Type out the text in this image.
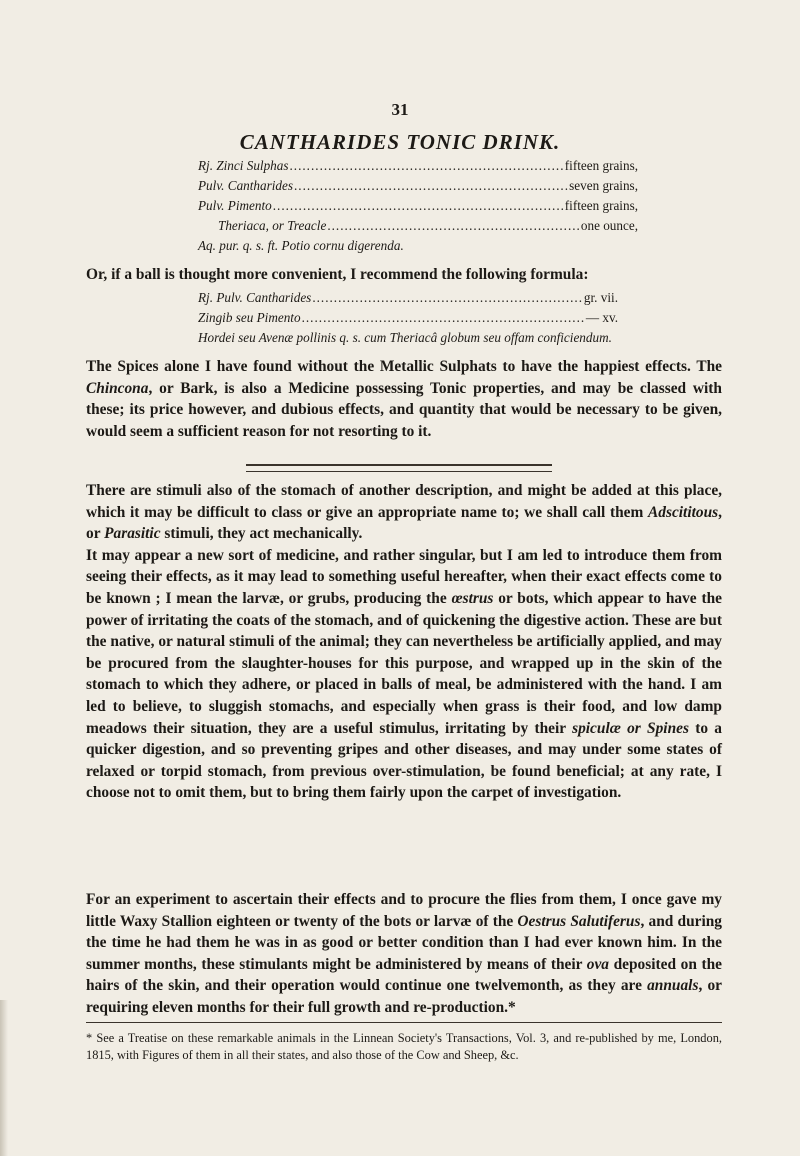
31
CANTHARIDES TONIC DRINK.
Rj. Zinci Sulphas .....	fifteen grains,
Pulv. Cantharides .....	seven grains,
Pulv. Pimento .....	fifteen grains,
Theriaca, or Treacle .....	one ounce,
Aq. pur. q. s. ft. Potio cornu digerenda.

Or, if a ball is thought more convenient, I recommend the following formula:

Rj. Pulv. Cantharides .....	gr. vii.
Zingib seu Pimento .....	— xv.
Hordei seu Avenæ pollinis q. s. cum Theriacâ globum seu offam conficiendum.

The Spices alone I have found without the Metallic Sulphats to have the happiest effects. The Chincona, or Bark, is also a Medicine possessing Tonic properties, and may be classed with these; its price however, and dubious effects, and quantity that would be necessary to be given, would seem a sufficient reason for not resorting to it.

There are stimuli also of the stomach of another description, and might be added at this place, which it may be difficult to class or give an appropriate name to; we shall call them Adscititous, or Parasitic stimuli, they act mechanically.

It may appear a new sort of medicine, and rather singular, but I am led to introduce them from seeing their effects, as it may lead to something useful hereafter, when their exact effects come to be known ; I mean the larvæ, or grubs, producing the œstrus or bots, which appear to have the power of irritating the coats of the stomach, and of quickening the digestive action. These are but the native, or natural stimuli of the animal; they can nevertheless be artificially applied, and may be procured from the slaughter-houses for this purpose, and wrapped up in the skin of the stomach to which they adhere, or placed in balls of meal, be administered with the hand. I am led to believe, to sluggish stomachs, and especially when grass is their food, and low damp meadows their situation, they are a useful stimulus, irritating by their spiculæ or Spines to a quicker digestion, and so preventing gripes and other diseases, and may under some states of relaxed or torpid stomach, from previous over-stimulation, be found beneficial; at any rate, I choose not to omit them, but to bring them fairly upon the carpet of investigation.

For an experiment to ascertain their effects and to procure the flies from them, I once gave my little Waxy Stallion eighteen or twenty of the bots or larvæ of the Oestrus Salutiferus, and during the time he had them he was in as good or better condition than I had ever known him. In the summer months, these stimulants might be administered by means of their ova deposited on the hairs of the skin, and their operation would continue one twelvemonth, as they are annuals, or requiring eleven months for their full growth and re-production.*

* See a Treatise on these remarkable animals in the Linnean Society's Transactions, Vol. 3, and re-published by me, London, 1815, with Figures of them in all their states, and also those of the Cow and Sheep, &c.
